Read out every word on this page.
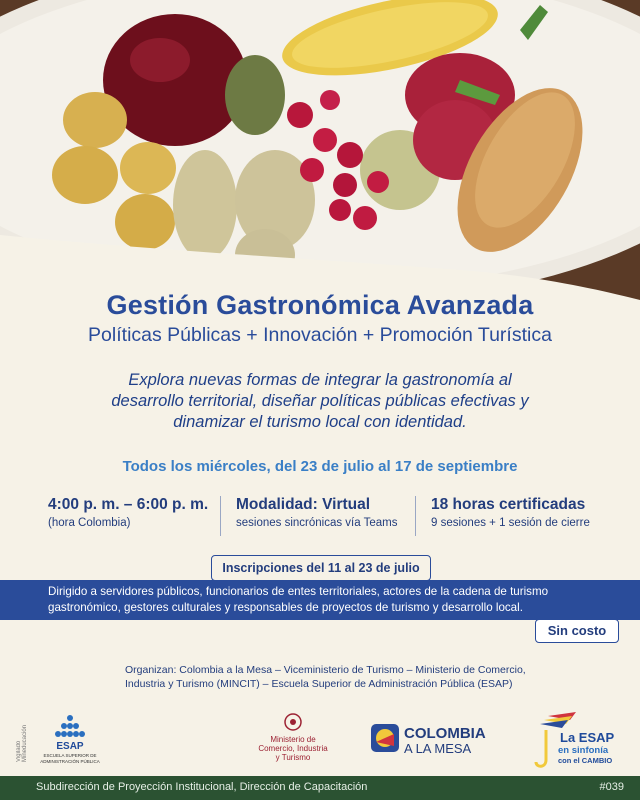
Gestión Gastronómica Avanzada
Políticas Públicas + Innovación + Promoción Turística
Explora nuevas formas de integrar la gastronomía al
desarrollo territorial, diseñar políticas públicas efectivas y
dinamizar el turismo local con identidad.
Todos los miércoles, del 23 de julio al 17 de septiembre
4:00 p. m. – 6:00 p. m.
(hora Colombia)
Modalidad: Virtual
sesiones sincrónicas vía Teams
18 horas certificadas
9 sesiones + 1 sesión de cierre
Dirigido a servidores públicos, funcionarios de entes territoriales, actores de la cadena de turismo
gastronómico, gestores culturales y responsables de proyectos de turismo y desarrollo local.
Inscripciones del 11 al 23 de julio
Sin costo
Organizan: Colombia a la Mesa – Viceministerio de Turismo – Ministerio de Comercio,
Industria y Turismo (MINCIT) – Escuela Superior de Administración Pública (ESAP)
Vigilado Mineducación	ESAP
ESCUELA SUPERIOR DE
ADMINISTRACIÓN PÚBLICA
Ministerio de
Comercio, Industria
y Turismo
COLOMBIA
A LA MESA
La ESAP
en sinfonía
con el CAMBIO
Subdirección de Proyección Institucional, Dirección de Capacitación	#039
